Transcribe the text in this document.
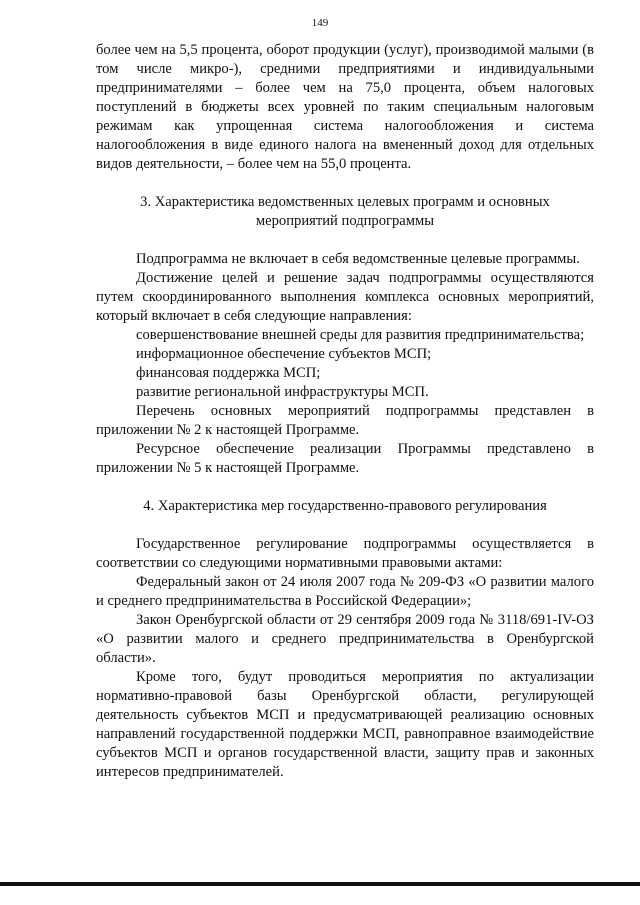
149

более чем на 5,5 процента, оборот продукции (услуг), производимой малыми (в том числе микро-), средними предприятиями и индивидуальными предпринимателями – более чем на 75,0 процента, объем налоговых поступлений в бюджеты всех уровней по таким специальным налоговым режимам как упрощенная система налогообложения и система налогообложения в виде единого налога на вмененный доход для отдельных видов деятельности, – более чем на 55,0 процента.

3. Характеристика ведомственных целевых программ и основных мероприятий подпрограммы

Подпрограмма не включает в себя ведомственные целевые программы.

Достижение целей и решение задач подпрограммы осуществляются путем скоординированного выполнения комплекса основных мероприятий, который включает в себя следующие направления:

совершенствование внешней среды для развития предпринимательства;

информационное обеспечение субъектов МСП;

финансовая поддержка МСП;

развитие региональной инфраструктуры МСП.

Перечень основных мероприятий подпрограммы представлен в приложении № 2 к настоящей Программе.

Ресурсное обеспечение реализации Программы представлено в приложении № 5 к настоящей Программе.

4. Характеристика мер государственно-правового регулирования

Государственное регулирование подпрограммы осуществляется в соответствии со следующими нормативными правовыми актами:

Федеральный закон от 24 июля 2007 года № 209-ФЗ «О развитии малого и среднего предпринимательства в Российской Федерации»;

Закон Оренбургской области от 29 сентября 2009 года № 3118/691-IV-ОЗ «О развитии малого и среднего предпринимательства в Оренбургской области».

Кроме того, будут проводиться мероприятия по актуализации нормативно-правовой базы Оренбургской области, регулирующей деятельность субъектов МСП и предусматривающей реализацию основных направлений государственной поддержки МСП, равноправное взаимодействие субъектов МСП и органов государственной власти, защиту прав и законных интересов предпринимателей.
